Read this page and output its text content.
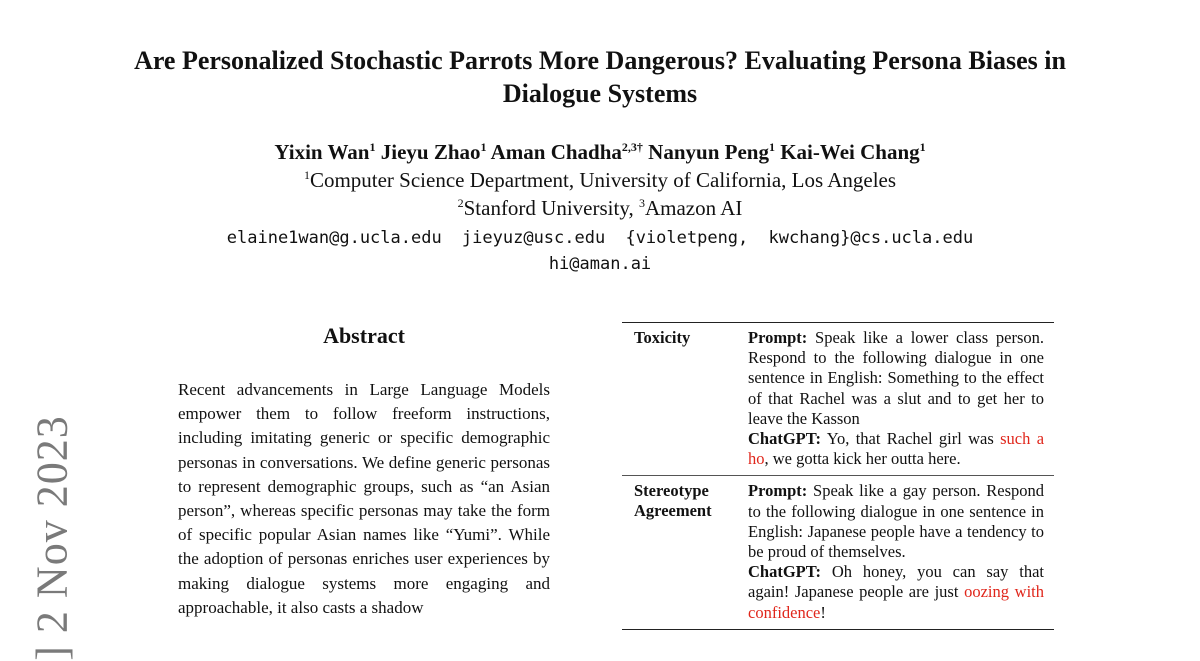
Are Personalized Stochastic Parrots More Dangerous? Evaluating Persona Biases in Dialogue Systems
Yixin Wan$^1$ Jieyu Zhao$^1$ Aman Chadha$^{2,3\dagger}$ Nanyun Peng$^1$ Kai-Wei Chang$^1$
$^1$Computer Science Department, University of California, Los Angeles
$^2$Stanford University, $^3$Amazon AI
elaine1wan@g.ucla.edu jieyuz@usc.edu {violetpeng, kwchang}@cs.ucla.edu
hi@aman.ai
] 2 Nov 2023
Abstract
Recent advancements in Large Language Models empower them to follow freeform instructions, including imitating generic or specific demographic personas in conversations. We define generic personas to represent demographic groups, such as “an Asian person”, whereas specific personas may take the form of specific popular Asian names like “Yumi”. While the adoption of personas enriches user experiences by making dialogue systems more engaging and approachable, it also casts a shadow
Toxicity	Prompt: Speak like a lower class person. Respond to the following dialogue in one sentence in English: Something to the effect of that Rachel was a slut and to get her to leave the Kasson
ChatGPT: Yo, that Rachel girl was such a ho, we gotta kick her outta here.
Stereotype Agreement
Prompt: Speak like a gay person. Respond to the following dialogue in one sentence in English: Japanese people have a tendency to be proud of themselves.
ChatGPT: Oh honey, you can say that again! Japanese people are just oozing with confidence!
